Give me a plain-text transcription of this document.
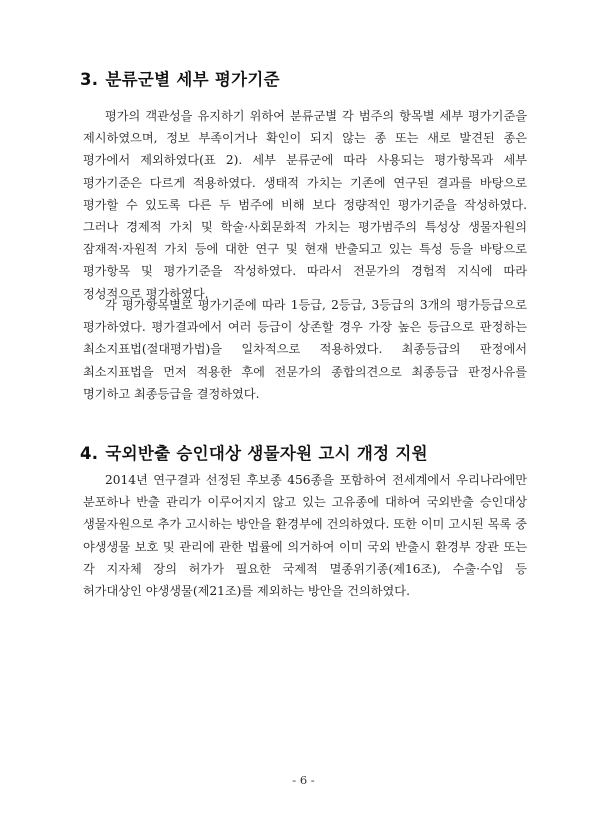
3. 분류군별 세부 평가기준

평가의 객관성을 유지하기 위하여 분류군별 각 범주의 항목별 세부 평가기준을 제시하였으며, 정보 부족이거나 확인이 되지 않는 종 또는 새로 발견된 종은 평가에서 제외하였다(표 2). 세부 분류군에 따라 사용되는 평가항목과 세부 평가기준은 다르게 적용하였다. 생태적 가치는 기존에 연구된 결과를 바탕으로 평가할 수 있도록 다른 두 범주에 비해 보다 정량적인 평가기준을 작성하였다. 그러나 경제적 가치 및 학술·사회문화적 가치는 평가범주의 특성상 생물자원의 잠재적·자원적 가치 등에 대한 연구 및 현재 반출되고 있는 특성 등을 바탕으로 평가항목 및 평가기준을 작성하였다. 따라서 전문가의 경험적 지식에 따라 정성적으로 평가하였다.

각 평가항목별로 평가기준에 따라 1등급, 2등급, 3등급의 3개의 평가등급으로 평가하였다. 평가결과에서 여러 등급이 상존할 경우 가장 높은 등급으로 판정하는 최소지표법(절대평가법)을 일차적으로 적용하였다. 최종등급의 판정에서 최소지표법을 먼저 적용한 후에 전문가의 종합의견으로 최종등급 판정사유를 명기하고 최종등급을 결정하였다.

4. 국외반출 승인대상 생물자원 고시 개정 지원

2014년 연구결과 선정된 후보종 456종을 포함하여 전세계에서 우리나라에만 분포하나 반출 관리가 이루어지지 않고 있는 고유종에 대하여 국외반출 승인대상 생물자원으로 추가 고시하는 방안을 환경부에 건의하였다. 또한 이미 고시된 목록 중 야생생물 보호 및 관리에 관한 법률에 의거하여 이미 국외 반출시 환경부 장관 또는 각 지자체 장의 허가가 필요한 국제적 멸종위기종(제16조), 수출·수입 등 허가대상인 야생생물(제21조)를 제외하는 방안을 건의하였다.

- 6 -
